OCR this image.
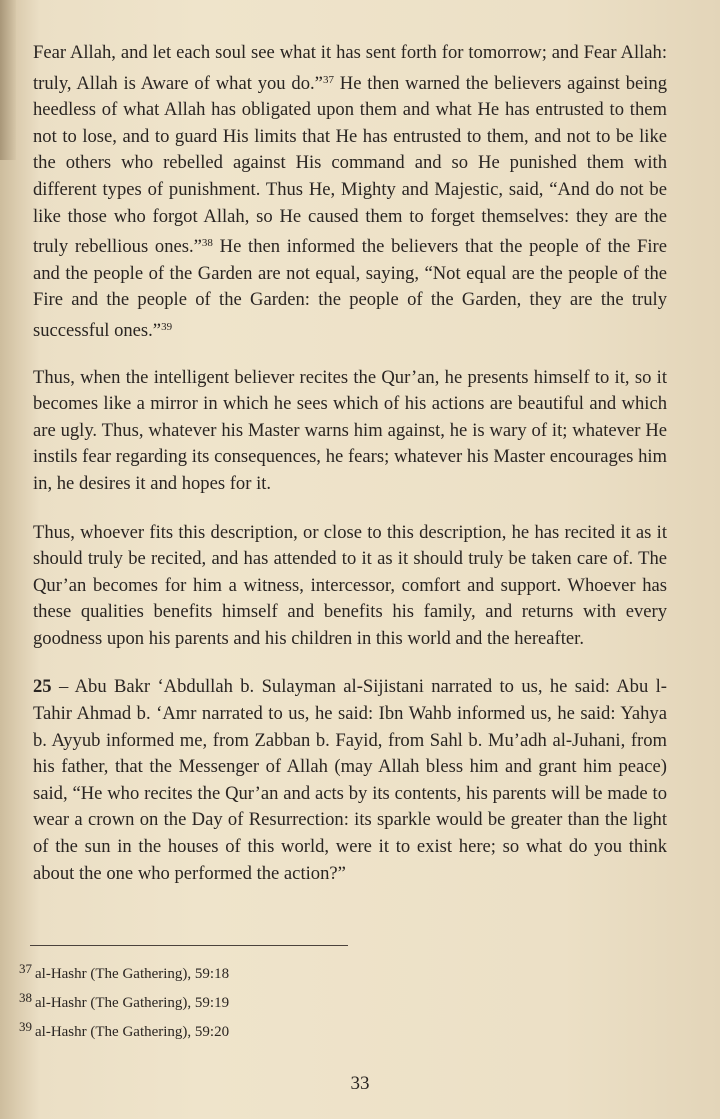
Fear Allah, and let each soul see what it has sent forth for tomorrow; and Fear Allah: truly, Allah is Aware of what you do.”$^{37}$ He then warned the believers against being heedless of what Allah has obligated upon them and what He has entrusted to them not to lose, and to guard His limits that He has entrusted to them, and not to be like the others who rebelled against His command and so He punished them with different types of punishment. Thus He, Mighty and Majestic, said, “And do not be like those who forgot Allah, so He caused them to forget themselves: they are the truly rebellious ones.”$^{38}$ He then informed the believers that the people of the Fire and the people of the Garden are not equal, saying, “Not equal are the people of the Fire and the people of the Garden: the people of the Garden, they are the truly successful ones.”$^{39}$

Thus, when the intelligent believer recites the Qur’an, he presents himself to it, so it becomes like a mirror in which he sees which of his actions are beautiful and which are ugly. Thus, whatever his Master warns him against, he is wary of it; whatever He instils fear regarding its consequences, he fears; whatever his Master encourages him in, he desires it and hopes for it.

Thus, whoever fits this description, or close to this description, he has recited it as it should truly be recited, and has attended to it as it should truly be taken care of. The Qur’an becomes for him a witness, intercessor, comfort and support. Whoever has these qualities benefits himself and benefits his family, and returns with every goodness upon his parents and his children in this world and the hereafter.

25 – Abu Bakr ‘Abdullah b. Sulayman al-Sijistani narrated to us, he said: Abu l-Tahir Ahmad b. ‘Amr narrated to us, he said: Ibn Wahb informed us, he said: Yahya b. Ayyub informed me, from Zabban b. Fayid, from Sahl b. Mu’adh al-Juhani, from his father, that the Messenger of Allah (may Allah bless him and grant him peace) said, “He who recites the Qur’an and acts by its contents, his parents will be made to wear a crown on the Day of Resurrection: its sparkle would be greater than the light of the sun in the houses of this world, were it to exist here; so what do you think about the one who performed the action?”

37 al-Hashr (The Gathering), 59:18
38 al-Hashr (The Gathering), 59:19
39 al-Hashr (The Gathering), 59:20
33
